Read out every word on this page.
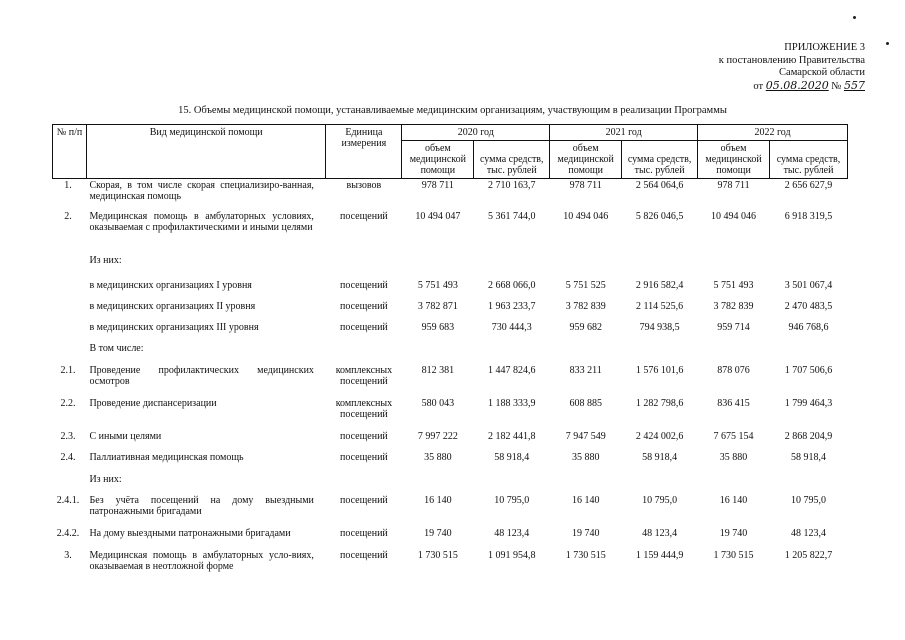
ПРИЛОЖЕНИЕ 3
к постановлению Правительства
Самарской области
от 05.08.2020 № 557
15. Объемы медицинской помощи, устанавливаемые медицинским организациям, участвующим в реализации Программы
№ п/п	Вид медицинской помощи	Единица измерения	2020 год		2021 год		2022 год	
			объем медицинской помощи	сумма средств, тыс. рублей	объем медицинской помощи	сумма средств, тыс. рублей	объем медицинской помощи	сумма средств, тыс. рублей
1.	Скорая, в том числе скорая специализиро-ванная, медицинская помощь	вызовов	978 711	2 710 163,7	978 711	2 564 064,6	978 711	2 656 627,9
2.	Медицинская помощь в амбулаторных условиях, оказываемая с профилактическими и иными целями	посещений	10 494 047	5 361 744,0	10 494 046	5 826 046,5	10 494 046	6 918 319,5
	Из них:							
	в медицинских организациях I уровня	посещений	5 751 493	2 668 066,0	5 751 525	2 916 582,4	5 751 493	3 501 067,4
	в медицинских организациях II уровня	посещений	3 782 871	1 963 233,7	3 782 839	2 114 525,6	3 782 839	2 470 483,5
	в медицинских организациях III уровня	посещений	959 683	730 444,3	959 682	794 938,5	959 714	946 768,6
	В том числе:							
2.1.	Проведение профилактических медицинских осмотров	комплексных посещений	812 381	1 447 824,6	833 211	1 576 101,6	878 076	1 707 506,6
2.2.	Проведение диспансеризации	комплексных посещений	580 043	1 188 333,9	608 885	1 282 798,6	836 415	1 799 464,3
2.3.	С иными целями	посещений	7 997 222	2 182 441,8	7 947 549	2 424 002,6	7 675 154	2 868 204,9
2.4.	Паллиативная медицинская помощь	посещений	35 880	58 918,4	35 880	58 918,4	35 880	58 918,4
	Из них:							
2.4.1.	Без учёта посещений на дому выездными патронажными бригадами	посещений	16 140	10 795,0	16 140	10 795,0	16 140	10 795,0
2.4.2.	На дому выездными патронажными бригадами	посещений	19 740	48 123,4	19 740	48 123,4	19 740	48 123,4
3.	Медицинская помощь в амбулаторных усло-виях, оказываемая в неотложной форме	посещений	1 730 515	1 091 954,8	1 730 515	1 159 444,9	1 730 515	1 205 822,7
